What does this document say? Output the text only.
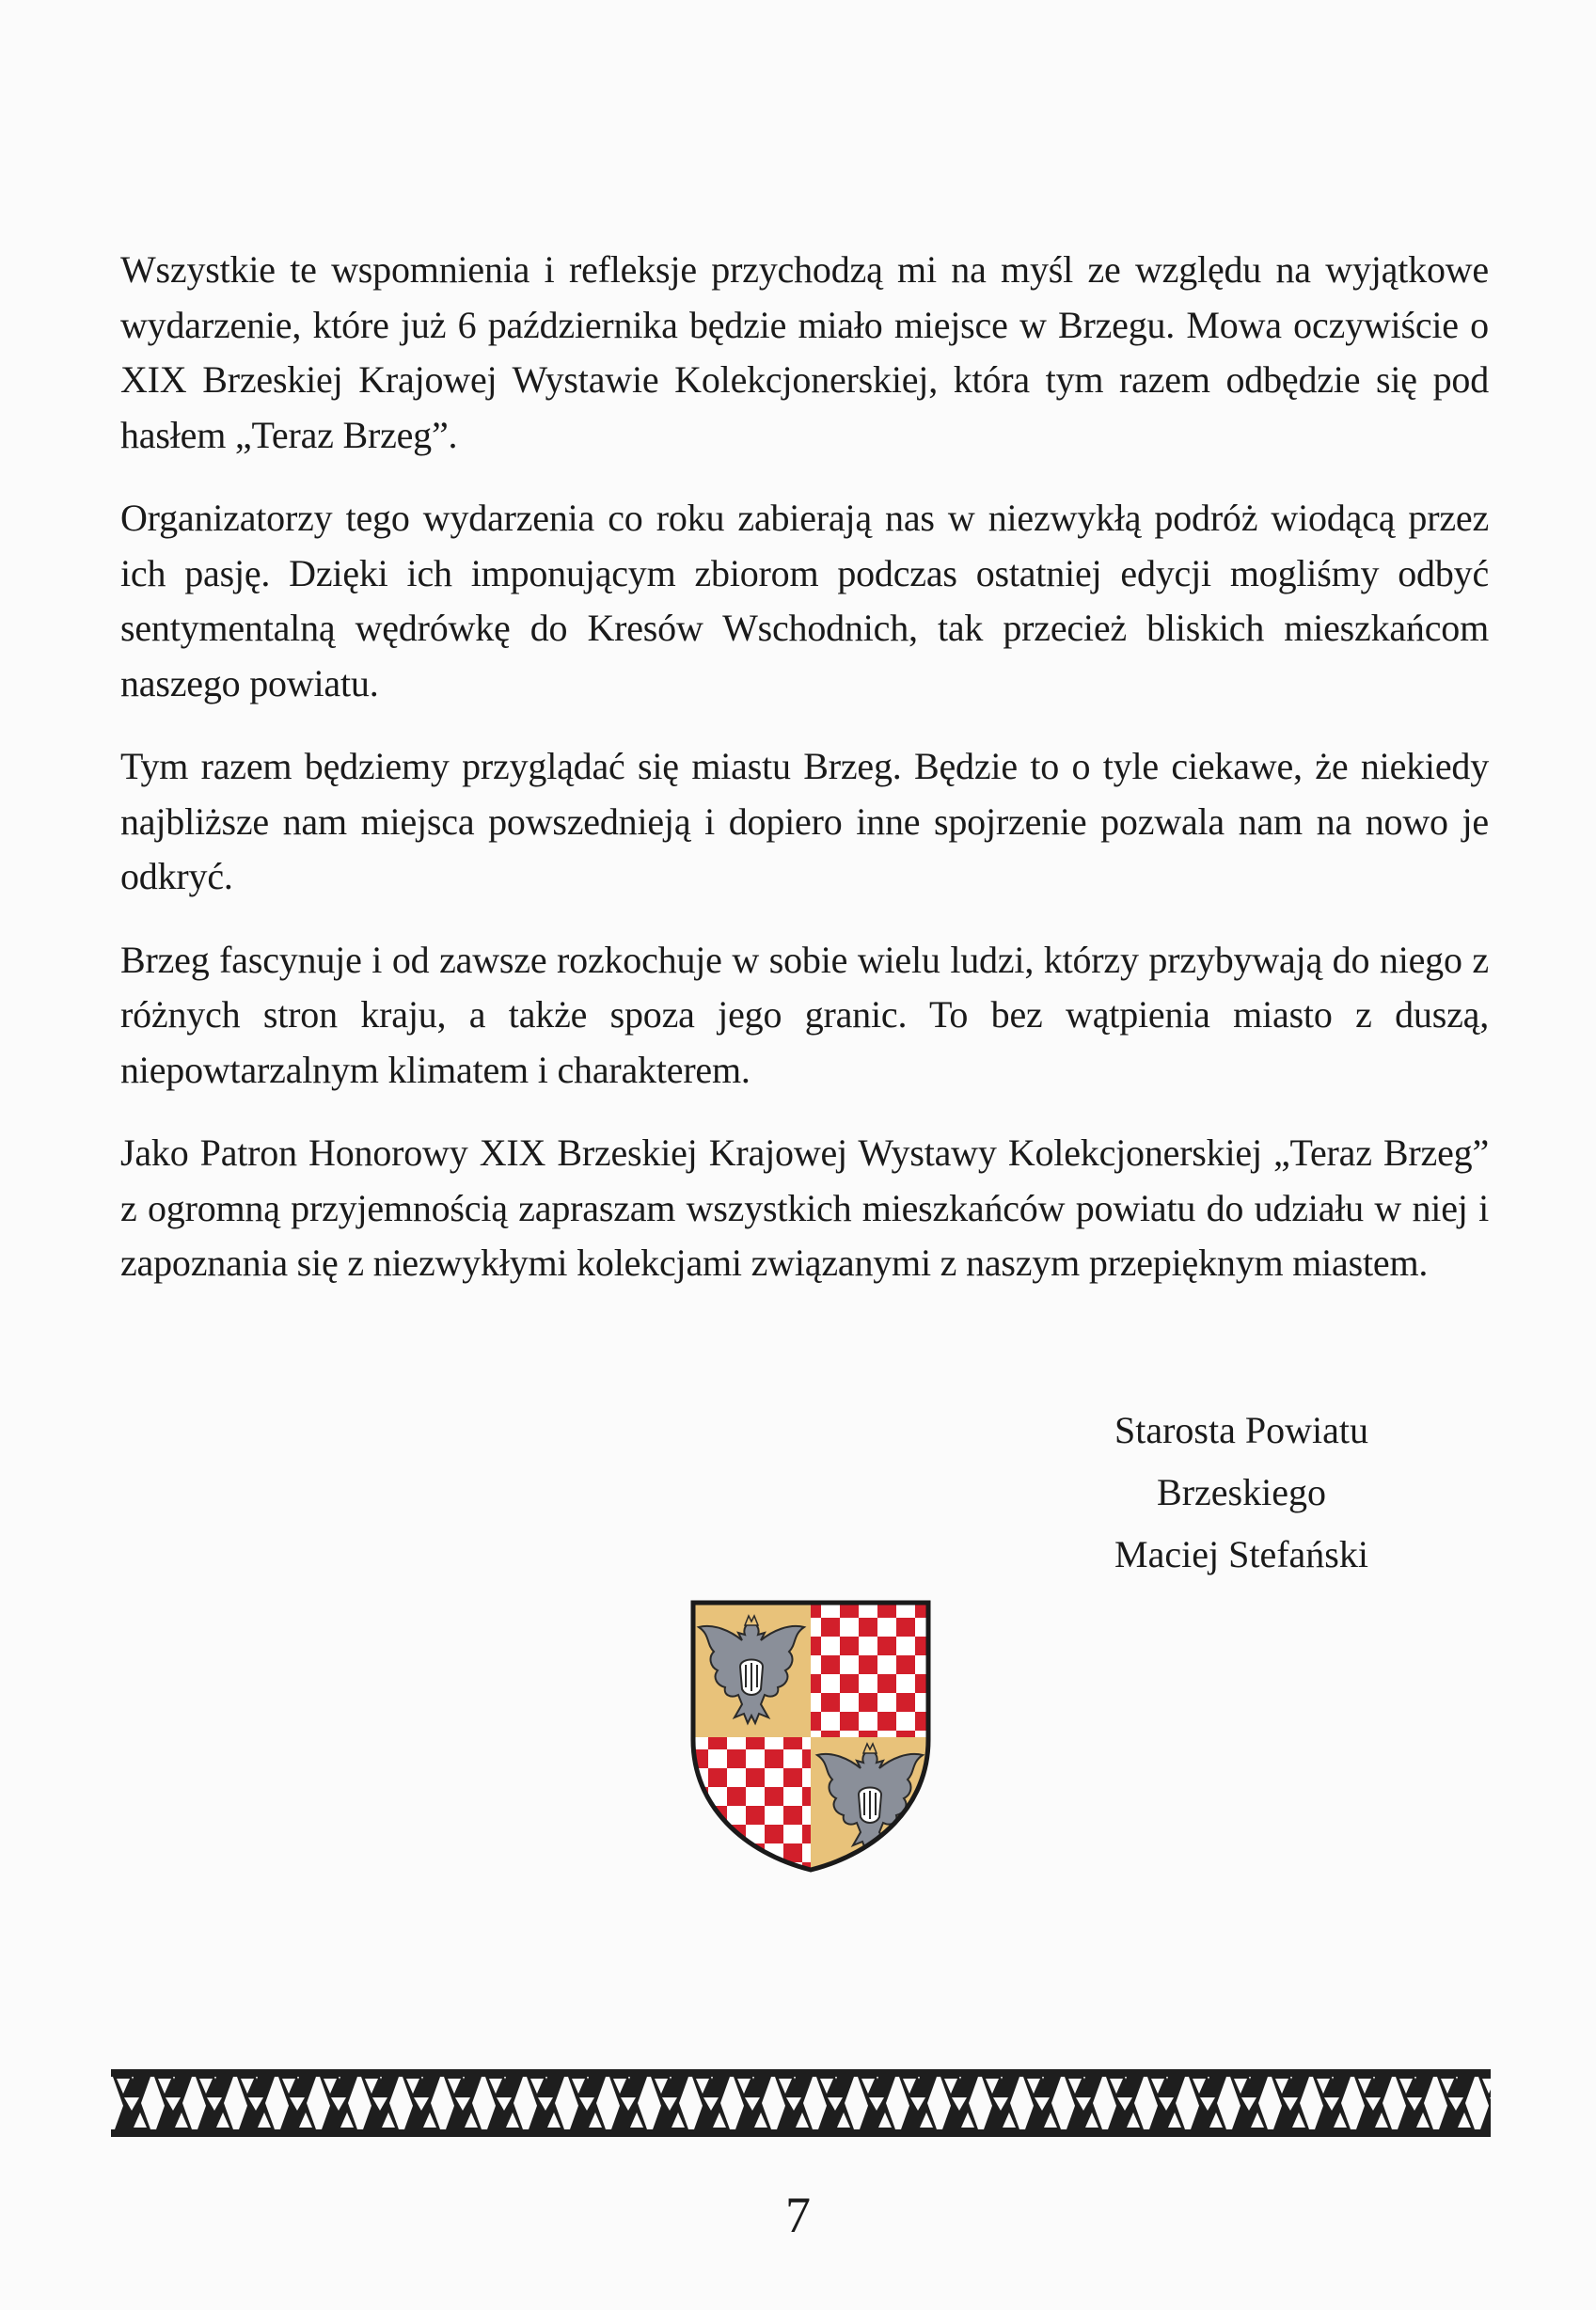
Wszystkie te wspomnienia i refleksje przychodzą mi na myśl ze względu na wyjątkowe wydarzenie, które już 6 października będzie miało miejsce w Brzegu. Mowa oczywiście o XIX Brzeskiej Krajowej Wystawie Kolekcjonerskiej, która tym razem odbędzie się pod hasłem „Teraz Brzeg”.

Organizatorzy tego wydarzenia co roku zabierają nas w niezwykłą podróż wiodącą przez ich pasję. Dzięki ich imponującym zbiorom podczas ostatniej edycji mogliśmy odbyć sentymentalną wędrówkę do Kresów Wschodnich, tak przecież bliskich mieszkańcom naszego powiatu.

Tym razem będziemy przyglądać się miastu Brzeg. Będzie to o tyle ciekawe, że niekiedy najbliższe nam miejsca powszednieją i dopiero inne spojrzenie pozwala nam na nowo je odkryć.

Brzeg fascynuje i od zawsze rozkochuje w sobie wielu ludzi, którzy przybywają do niego z różnych stron kraju, a także spoza jego granic. To bez wątpienia miasto z duszą, niepowtarzalnym klimatem i charakterem.

Jako Patron Honorowy XIX Brzeskiej Krajowej Wystawy Kolekcjonerskiej „Teraz Brzeg” z ogromną przyjemnością zapraszam wszystkich mieszkańców powiatu do udziału w niej i zapoznania się z niezwykłymi kolekcjami związanymi z naszym przepięknym miastem.

Starosta Powiatu
Brzeskiego
Maciej Stefański
7
